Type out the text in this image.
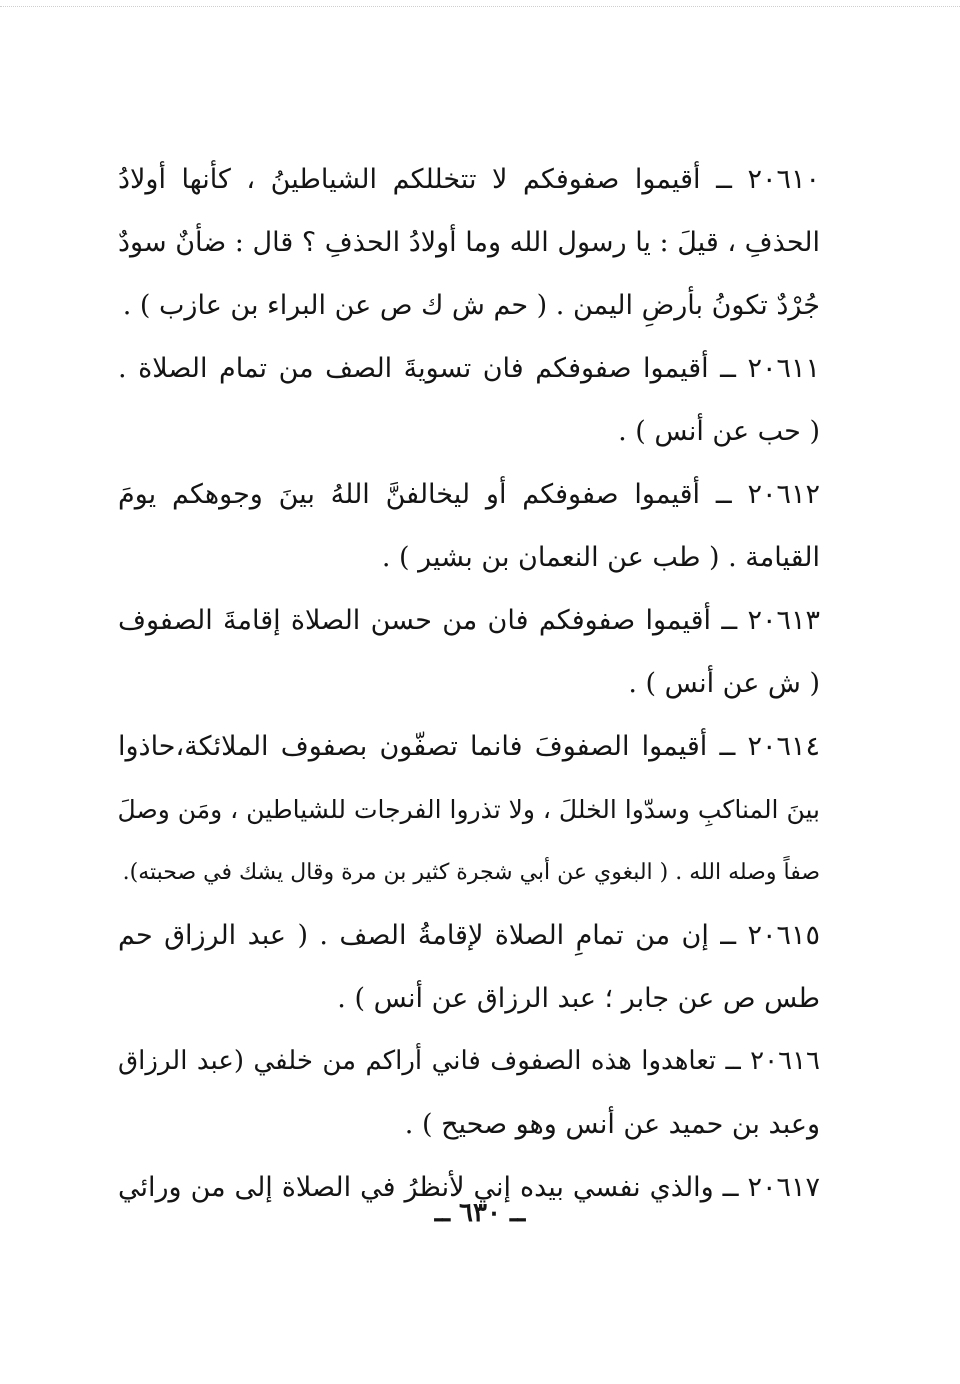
٢٠٦١٠ ــ أقيموا صفوفكم لا تتخللكم الشياطينُ ، كأنها أولادُ
الحذفِ ، قيلَ : يا رسول الله وما أولادُ الحذفِ ؟ قال : ضأنٌ سودٌ
جُرْدٌ تكونُ بأرضِ اليمن . ( حم ش ك ص عن البراء بن عازب ) .
٢٠٦١١ ــ أقيموا صفوفكم فان تسويةَ الصف من تمام الصلاة .
( حب عن أنس ) .
٢٠٦١٢ ــ أقيموا صفوفكم أو ليخالفنَّ اللهُ بينَ وجوهكم يومَ
القيامة . ( طب عن النعمان بن بشير ) .
٢٠٦١٣ ــ أقيموا صفوفكم فان من حسن الصلاة إقامةَ الصفوف
( ش عن أنس ) .
٢٠٦١٤ ــ أقيموا الصفوفَ فانما تصفّون بصفوف الملائكة،حاذوا
بينَ المناكبِ وسدّوا الخللَ ، ولا تذروا الفرجات للشياطين ، ومَن وصلَ
صفاً وصله الله . ( البغوي عن أبي شجرة كثير بن مرة وقال يشك في صحبته).
٢٠٦١٥ ــ إن من تمامِ الصلاة لإقامةُ الصف . ( عبد الرزاق حم
طس ص عن جابر ؛ عبد الرزاق عن أنس ) .
٢٠٦١٦ ــ تعاهدوا هذه الصفوف فاني أراكم من خلفي (عبد الرزاق
وعبد بن حميد عن أنس وهو صحيح ) .
٢٠٦١٧ ــ والذي نفسي بيده إني لأنظرُ في الصلاة إلى من ورائي
ــ ٦٣٠ ــ
